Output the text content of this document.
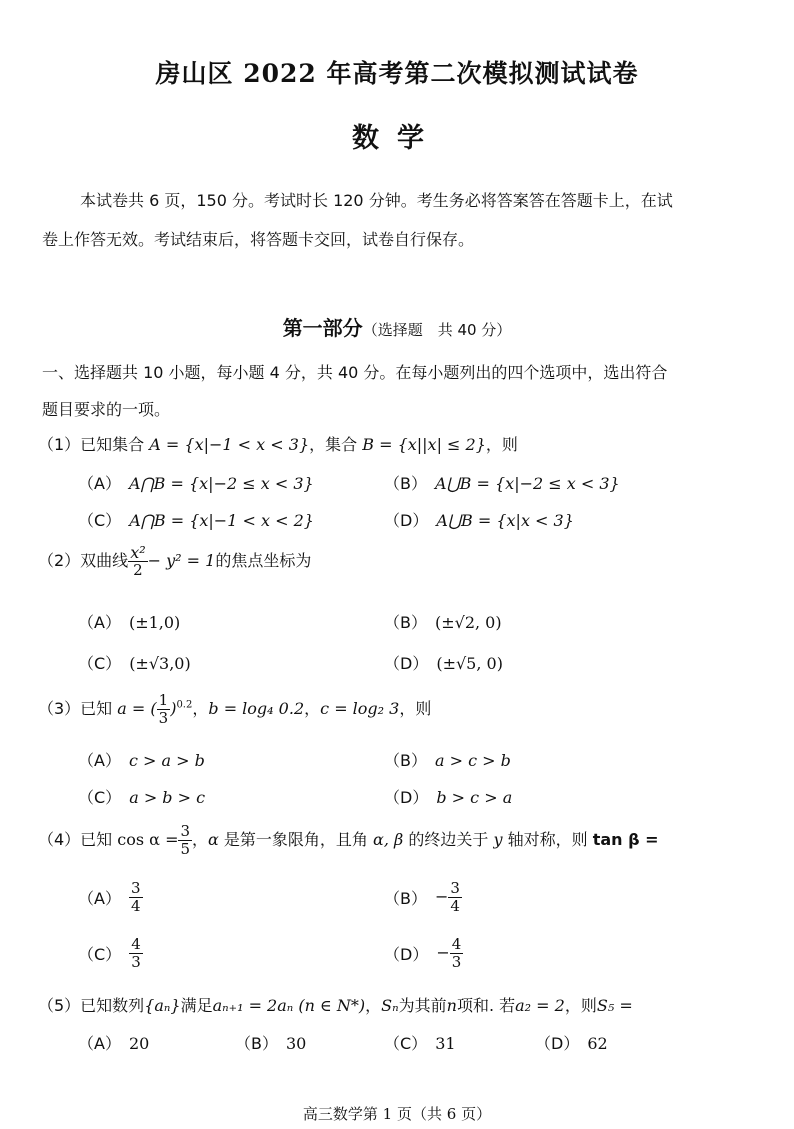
房山区 2022 年高考第二次模拟测试试卷
数学
本试卷共 6 页，150 分。考试时长 120 分钟。考生务必将答案答在答题卡上，在试
卷上作答无效。考试结束后，将答题卡交回，试卷自行保存。
第一部分（选择题　共 40 分）
一、选择题共 10 小题，每小题 4 分，共 40 分。在每小题列出的四个选项中，选出符合
题目要求的一项。
（1）已知集合 A = {x|−1 < x < 3}，集合 B = {x||x| ≤ 2}，则
（A） A⋂B = {x|−2 ≤ x < 3}	（B） A⋃B = {x|−2 ≤ x < 3}
（C） A⋂B = {x|−1 < x < 2}	（D） A⋃B = {x|x < 3}
（2）双曲线 $\frac{\text{x²}}{2} - y^2 = 1$的焦点坐标为
（A） (±1,0)	（B） (±√2, 0)
（C） (±√3,0)	（D） (±√5, 0)
（3）已知 a = ( $\frac{1}{3} )^{0.2}$，b = log₄ 0.2，c = log₂ 3，则
（A） c > a > b	（B） a > c > b
（C） a > b > c	（D） b > c > a
（4）已知 $\cos \alpha = \frac{3}{5}$ ，α 是第一象限角，且角 α, β 的终边关于 y 轴对称，则 tan β =
$(A) \frac{3}{4}$	$(B) - \frac{3}{4}$
$(C) \frac{4}{3}$	$(D) - \frac{4}{3}$
（5）已知数列{aₙ}满足aₙ₊₁ = 2aₙ (n ∈ N*)，Sₙ为其前n项和. 若a₂ = 2，则S₅ =
（A） 20	（B） 30	（C） 31	（D） 62
高三数学第 1 页（共 6 页）
